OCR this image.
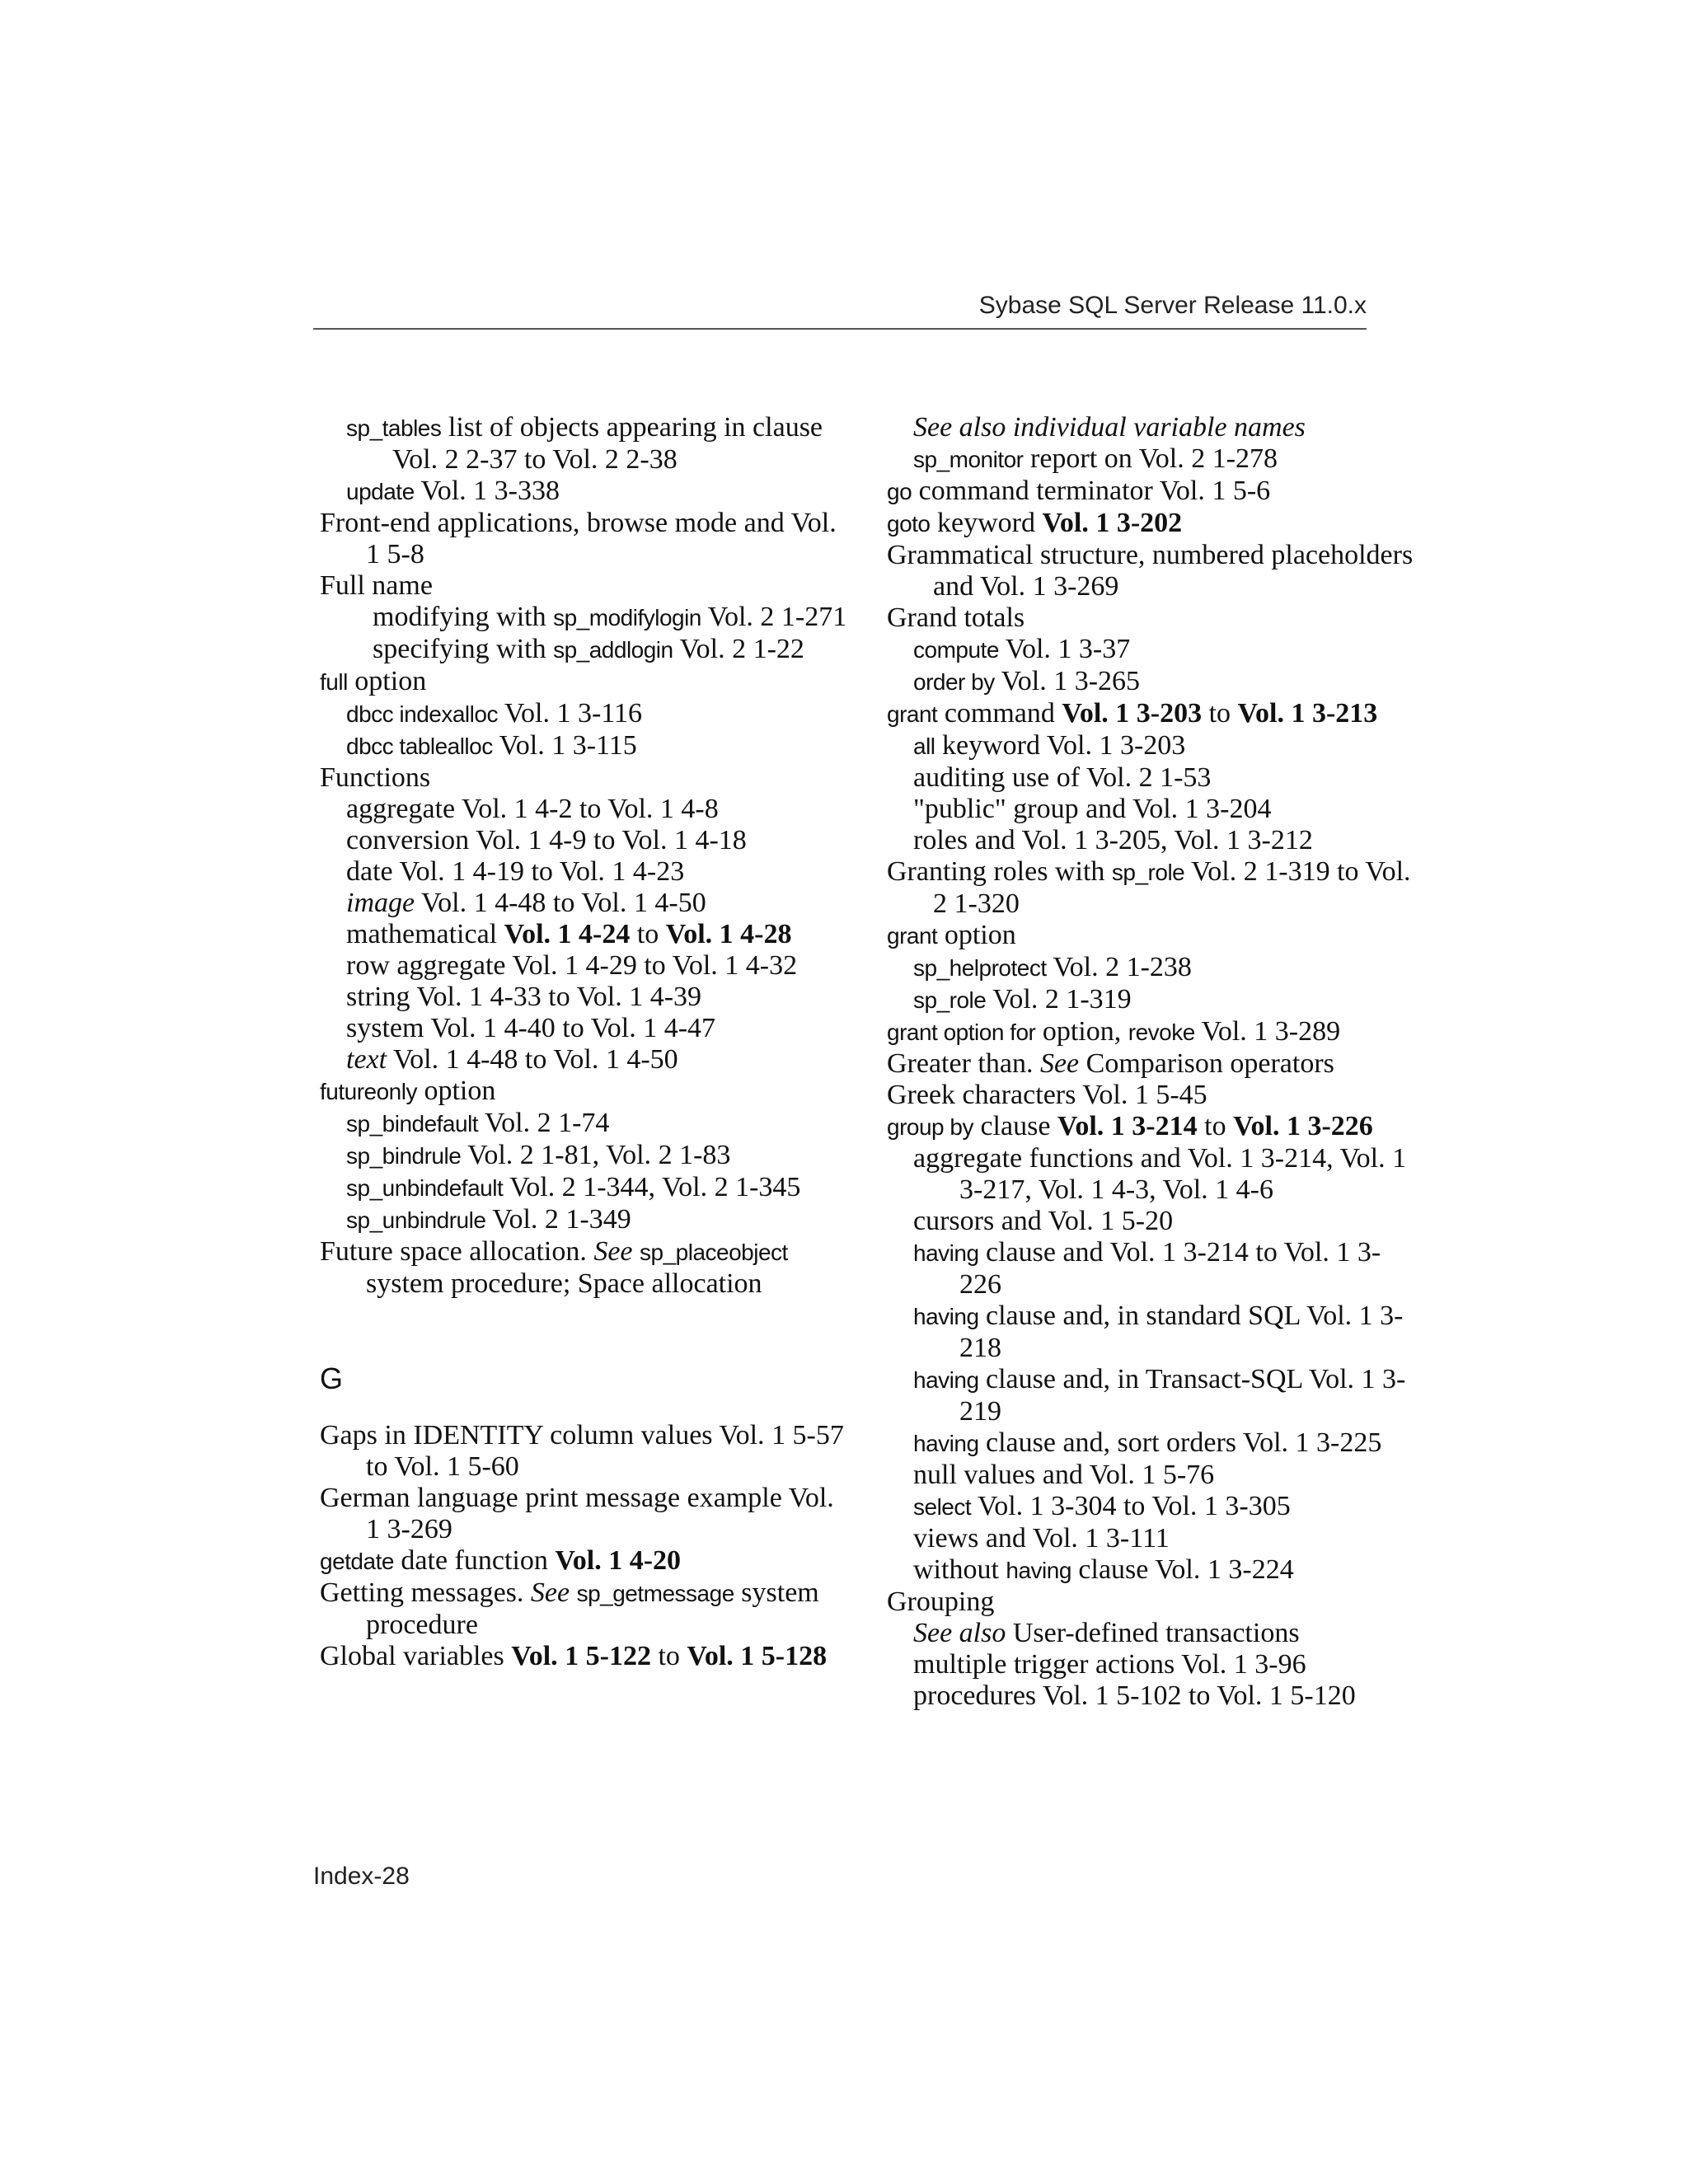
Sybase SQL Server Release 11.0.x
sp_tables list of objects appearing in clause Vol. 2 2-37 to Vol. 2 2-38
update Vol. 1 3-338
Front-end applications, browse mode and Vol. 1 5-8
Full name
modifying with sp_modifylogin Vol. 2 1-271
specifying with sp_addlogin Vol. 2 1-22
full option
dbcc indexalloc Vol. 1 3-116
dbcc tablealloc Vol. 1 3-115
Functions
aggregate Vol. 1 4-2 to Vol. 1 4-8
conversion Vol. 1 4-9 to Vol. 1 4-18
date Vol. 1 4-19 to Vol. 1 4-23
image Vol. 1 4-48 to Vol. 1 4-50
mathematical Vol. 1 4-24 to Vol. 1 4-28
row aggregate Vol. 1 4-29 to Vol. 1 4-32
string Vol. 1 4-33 to Vol. 1 4-39
system Vol. 1 4-40 to Vol. 1 4-47
text Vol. 1 4-48 to Vol. 1 4-50
futureonly option
sp_bindefault Vol. 2 1-74
sp_bindrule Vol. 2 1-81, Vol. 2 1-83
sp_unbindefault Vol. 2 1-344, Vol. 2 1-345
sp_unbindrule Vol. 2 1-349
Future space allocation. See sp_placeobject system procedure; Space allocation
G
Gaps in IDENTITY column values Vol. 1 5-57 to Vol. 1 5-60
German language print message example Vol. 1 3-269
getdate date function Vol. 1 4-20
Getting messages. See sp_getmessage system procedure
Global variables Vol. 1 5-122 to Vol. 1 5-128
See also individual variable names
sp_monitor report on Vol. 2 1-278
go command terminator Vol. 1 5-6
goto keyword Vol. 1 3-202
Grammatical structure, numbered placeholders and Vol. 1 3-269
Grand totals
compute Vol. 1 3-37
order by Vol. 1 3-265
grant command Vol. 1 3-203 to Vol. 1 3-213
all keyword Vol. 1 3-203
auditing use of Vol. 2 1-53
"public" group and Vol. 1 3-204
roles and Vol. 1 3-205, Vol. 1 3-212
Granting roles with sp_role Vol. 2 1-319 to Vol. 2 1-320
grant option
sp_helprotect Vol. 2 1-238
sp_role Vol. 2 1-319
grant option for option, revoke Vol. 1 3-289
Greater than. See Comparison operators
Greek characters Vol. 1 5-45
group by clause Vol. 1 3-214 to Vol. 1 3-226
aggregate functions and Vol. 1 3-214, Vol. 1 3-217, Vol. 1 4-3, Vol. 1 4-6
cursors and Vol. 1 5-20
having clause and Vol. 1 3-214 to Vol. 1 3-226
having clause and, in standard SQL Vol. 1 3-218
having clause and, in Transact-SQL Vol. 1 3-219
having clause and, sort orders Vol. 1 3-225
null values and Vol. 1 5-76
select Vol. 1 3-304 to Vol. 1 3-305
views and Vol. 1 3-111
without having clause Vol. 1 3-224
Grouping
See also User-defined transactions
multiple trigger actions Vol. 1 3-96
procedures Vol. 1 5-102 to Vol. 1 5-120
Index-28
